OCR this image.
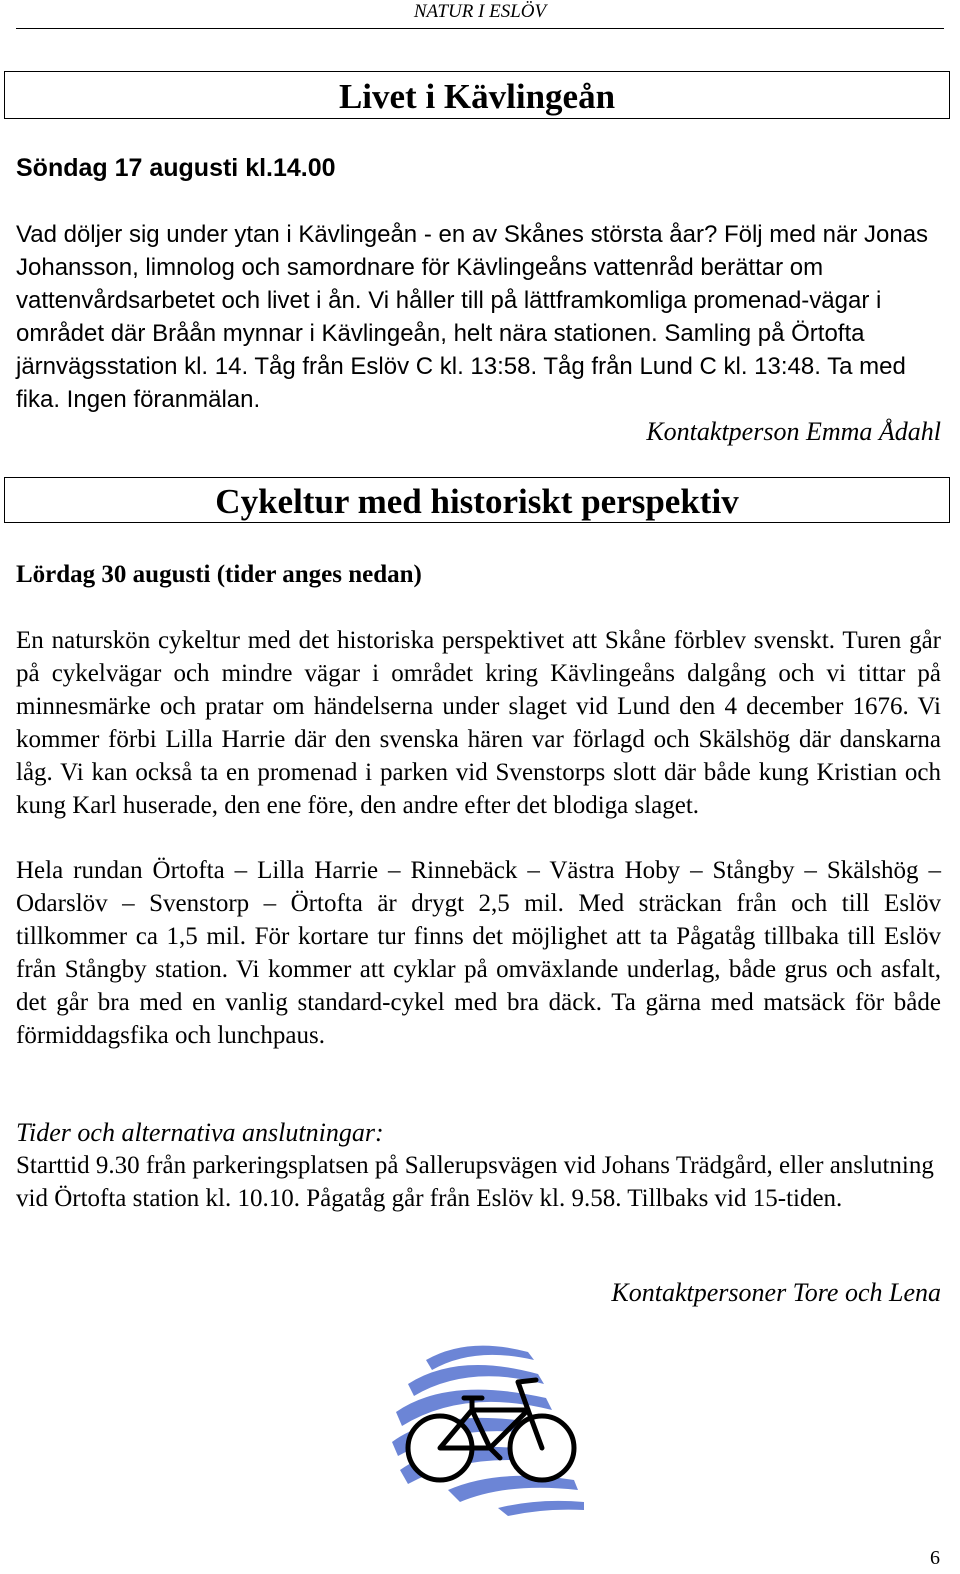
NATUR I ESLÖV
Livet i Kävlingeån
Söndag 17 augusti kl.14.00

Vad döljer sig under ytan i Kävlingeån - en av Skånes största åar? Följ med när Jonas Johansson, limnolog och samordnare för Kävlingeåns vattenråd berättar om vattenvårdsarbetet och livet i ån. Vi håller till på lättframkomliga promenad-vägar i området där Bråån mynnar i Kävlingeån, helt nära stationen. Samling på Örtofta järnvägsstation kl. 14. Tåg från Eslöv C kl. 13:58. Tåg från Lund C kl. 13:48. Ta med fika. Ingen föranmälan.

Kontaktperson Emma Ådahl
Cykeltur med historiskt perspektiv
Lördag 30 augusti (tider anges nedan)

En naturskön cykeltur med det historiska perspektivet att Skåne förblev svenskt. Turen går på cykelvägar och mindre vägar i området kring Kävlingeåns dalgång och vi tittar på minnesmärke och pratar om händelserna under slaget vid Lund den 4 december 1676. Vi kommer förbi Lilla Harrie där den svenska hären var förlagd och Skälshög där danskarna låg. Vi kan också ta en promenad i parken vid Svenstorps slott där både kung Kristian och kung Karl huserade, den ene före, den andre efter det blodiga slaget.

Hela rundan Örtofta – Lilla Harrie – Rinnebäck – Västra Hoby – Stångby – Skälshög – Odarslöv – Svenstorp – Örtofta är drygt 2,5 mil. Med sträckan från och till Eslöv tillkommer ca 1,5 mil. För kortare tur finns det möjlighet att ta Pågatåg tillbaka till Eslöv från Stångby station. Vi kommer att cyklar på omväxlande underlag, både grus och asfalt, det går bra med en vanlig standard-cykel med bra däck. Ta gärna med matsäck för både förmiddagsfika och lunchpaus.

Tider och alternativa anslutningar:

Starttid 9.30 från parkeringsplatsen på Sallerupsvägen vid Johans Trädgård, eller anslutning vid Örtofta station kl. 10.10. Pågatåg går från Eslöv kl. 9.58. Tillbaks vid 15-tiden.

Kontaktpersoner Tore och Lena
6
